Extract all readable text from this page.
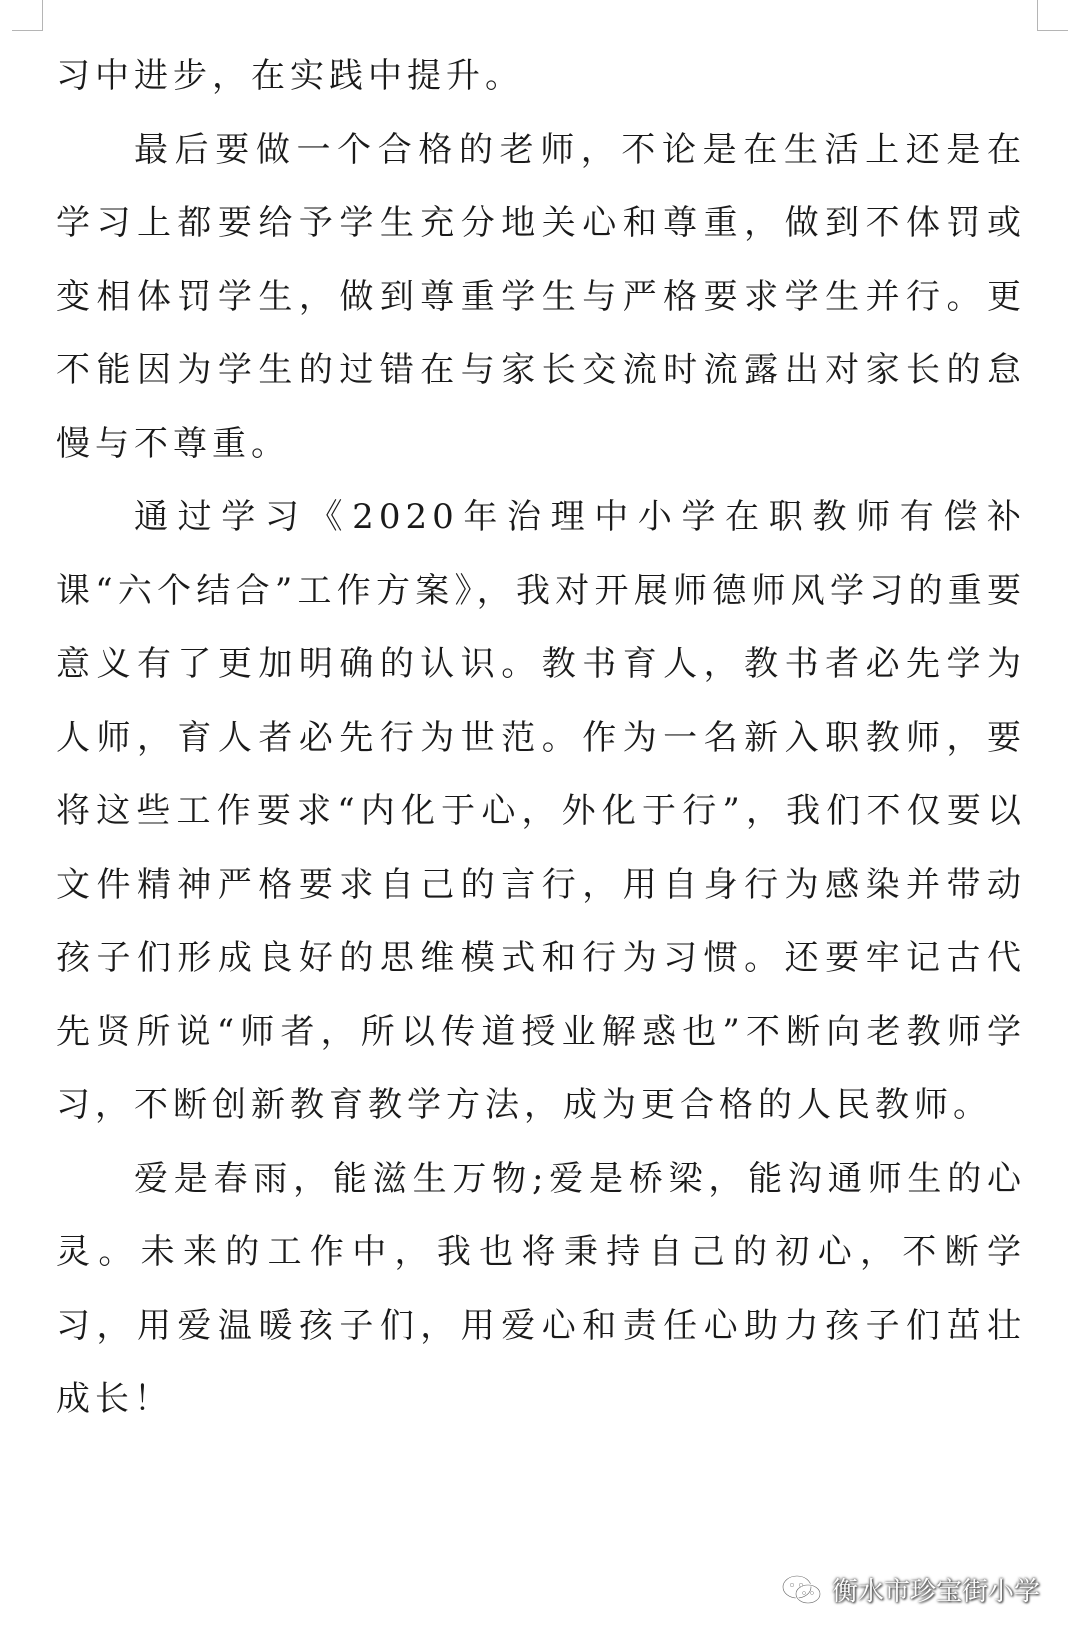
习中进步，在实践中提升。

最后要做一个合格的老师，不论是在生活上还是在学习上都要给予学生充分地关心和尊重，做到不体罚或变相体罚学生，做到尊重学生与严格要求学生并行。更不能因为学生的过错在与家长交流时流露出对家长的怠慢与不尊重。

通过学习《2020年治理中小学在职教师有偿补课“六个结合”工作方案》，我对开展师德师风学习的重要意义有了更加明确的认识。教书育人，教书者必先学为人师，育人者必先行为世范。作为一名新入职教师，要将这些工作要求“内化于心，外化于行”，我们不仅要以文件精神严格要求自己的言行，用自身行为感染并带动孩子们形成良好的思维模式和行为习惯。还要牢记古代先贤所说“师者，所以传道授业解惑也”不断向老教师学习，不断创新教育教学方法，成为更合格的人民教师。

爱是春雨，能滋生万物;爱是桥梁，能沟通师生的心灵。未来的工作中，我也将秉持自己的初心，不断学习，用爱温暖孩子们，用爱心和责任心助力孩子们茁壮成长！

衡水市珍宝街小学
